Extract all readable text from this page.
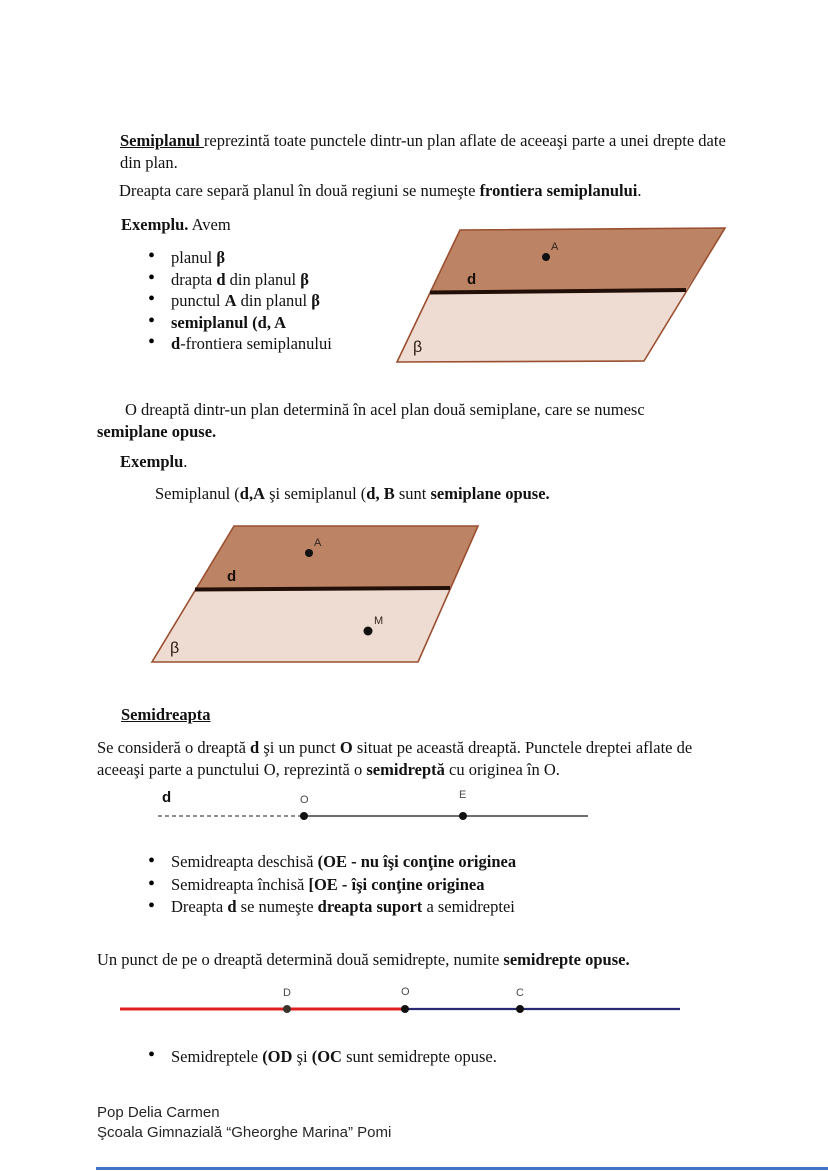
Semiplanul reprezintă toate punctele dintr-un plan aflate de aceeaşi parte a unei drepte date din plan.

Dreapta care separă planul în două regiuni se numeşte frontiera semiplanului.

Exemplu. Avem

• planul β
• drapta d din planul β
• punctul A din planul β
• semiplanul (d, A
• d-frontiera semiplanului
A
d
β

O dreaptă dintr-un plan determină în acel plan două semiplane, care se numesc semiplane opuse.

Exemplu.

Semiplanul (d,A şi semiplanul (d, B sunt semiplane opuse.

A
M
d
β

Semidreapta

Se consideră o dreaptă d şi un punct O situat pe această dreaptă. Punctele dreptei aflate de aceeaşi parte a punctului O, reprezintă o semidreptă cu originea în O.

d	O	E
• Semidreapta deschisă (OE - nu îşi conţine originea
• Semidreapta închisă [OE - îşi conţine originea
• Dreapta d se numeşte dreapta suport a semidreptei

Un punct de pe o dreaptă determină două semidrepte, numite semidrepte opuse.

D	O	C
• Semidreptele (OD şi (OC sunt semidrepte opuse.

Pop Delia Carmen
Şcoala Gimnazială “Gheorghe Marina” Pomi
